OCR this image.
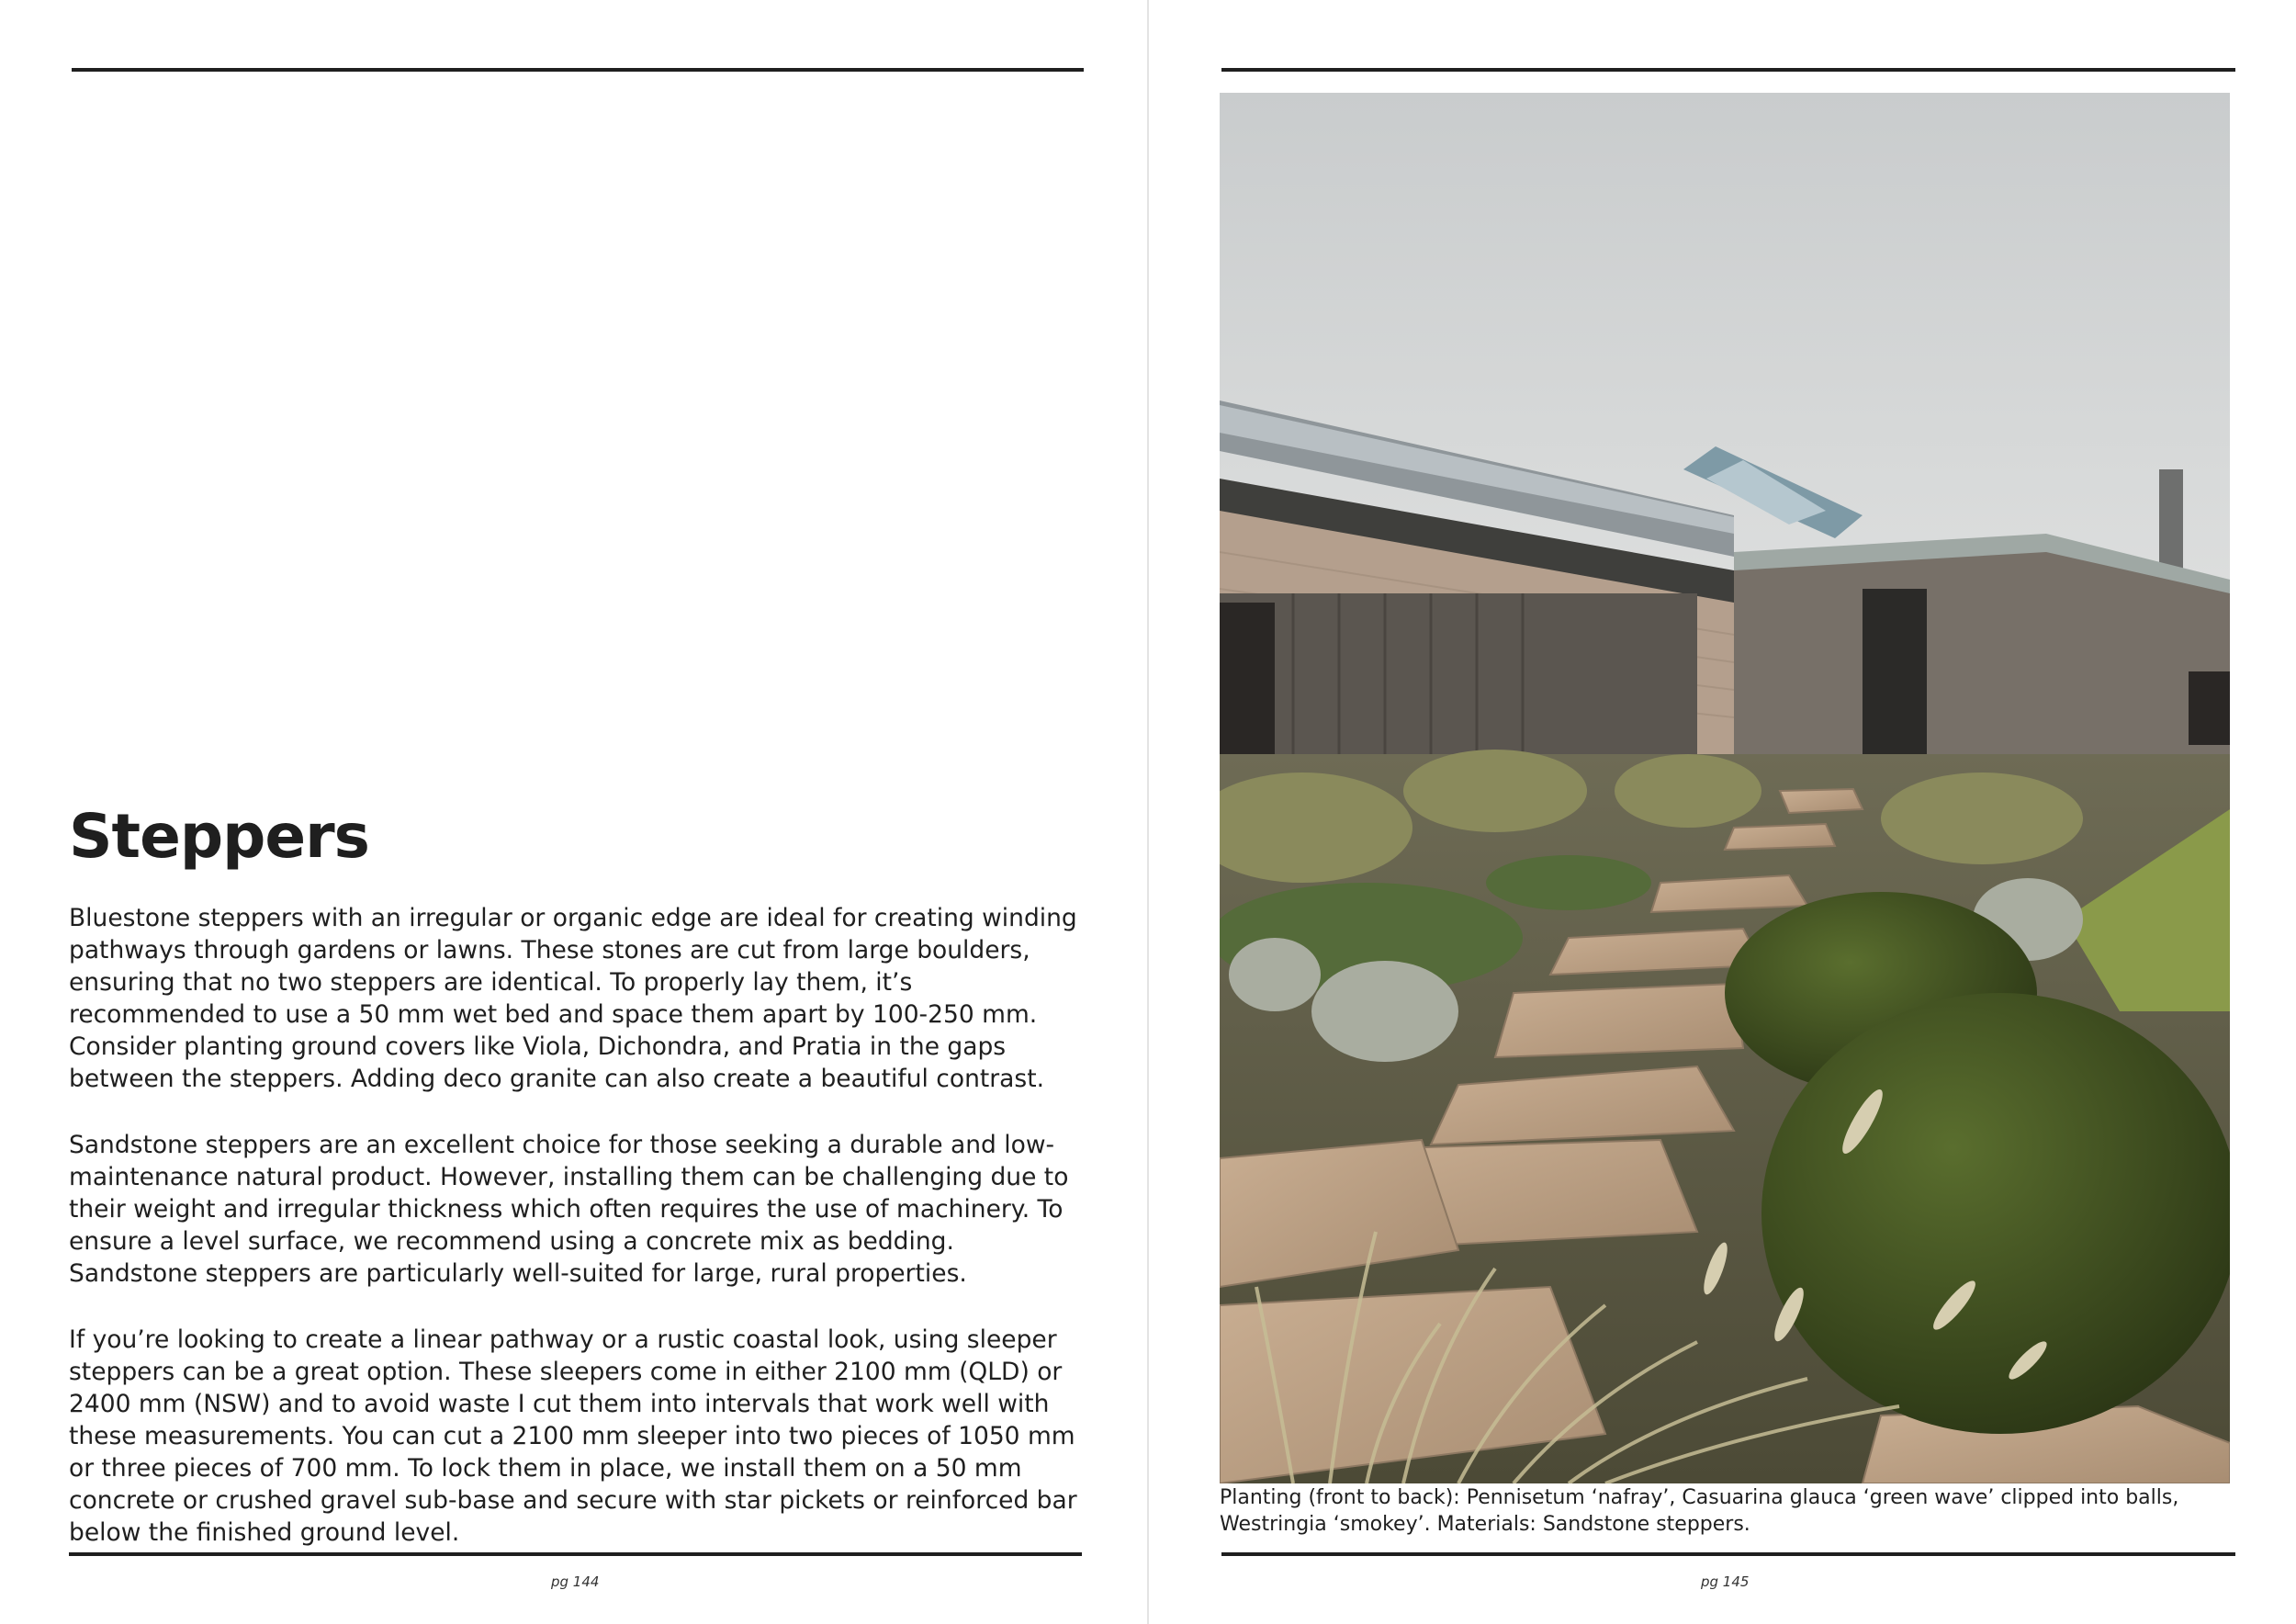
Steppers

Bluestone steppers with an irregular or organic edge are ideal for creating winding pathways through gardens or lawns. These stones are cut from large boulders, ensuring that no two steppers are identical. To properly lay them, it’s recommended to use a 50 mm wet bed and space them apart by 100-250 mm. Consider planting ground covers like Viola, Dichondra, and Pratia in the gaps between the steppers. Adding deco granite can also create a beautiful contrast.

Sandstone steppers are an excellent choice for those seeking a durable and low-maintenance natural product. However, installing them can be challenging due to their weight and irregular thickness which often requires the use of machinery. To ensure a level surface, we recommend using a concrete mix as bedding. Sandstone steppers are particularly well-suited for large, rural properties.

If you’re looking to create a linear pathway or a rustic coastal look, using sleeper steppers can be a great option. These sleepers come in either 2100 mm (QLD) or 2400 mm (NSW) and to avoid waste I cut them into intervals that work well with these measurements. You can cut a 2100 mm sleeper into two pieces of 1050 mm or three pieces of 700 mm. To lock them in place, we install them on a 50 mm concrete or crushed gravel sub-base and secure with star pickets or reinforced bar below the finished ground level.

pg 144

Planting (front to back): Pennisetum ‘nafray’, Casuarina glauca ‘green wave’ clipped into balls, Westringia ‘smokey’. Materials: Sandstone steppers.

pg 145
